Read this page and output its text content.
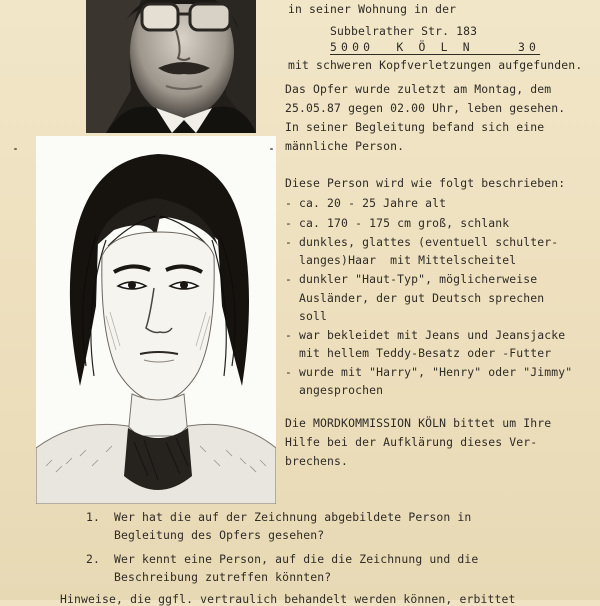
in seiner Wohnung in der
Subbelrather Str. 183
5000  K Ö L N    30
mit schweren Kopfverletzungen aufgefunden.
Das Opfer wurde zuletzt am Montag, dem
25.05.87 gegen 02.00 Uhr, leben gesehen.
In seiner Begleitung befand sich eine
männliche Person.
Diese Person wird wie folgt beschrieben:
- ca. 20 - 25 Jahre alt
- ca. 170 - 175 cm groß, schlank
- dunkles, glattes (eventuell schulter-
langes)Haar  mit Mittelscheitel
- dunkler "Haut-Typ", möglicherweise
Ausländer, der gut Deutsch sprechen
soll
- war bekleidet mit Jeans und Jeansjacke
mit hellem Teddy-Besatz oder -Futter
- wurde mit "Harry", "Henry" oder "Jimmy"
angesprochen
Die MORDKOMMISSION KÖLN bittet um Ihre
Hilfe bei der Aufklärung dieses Ver-
brechens.
1. Wer hat die auf der Zeichnung abgebildete Person in
Begleitung des Opfers gesehen?
2. Wer kennt eine Person, auf die die Zeichnung und die
Beschreibung zutreffen könnten?
Hinweise, die ggfl. vertraulich behandelt werden können, erbittet
